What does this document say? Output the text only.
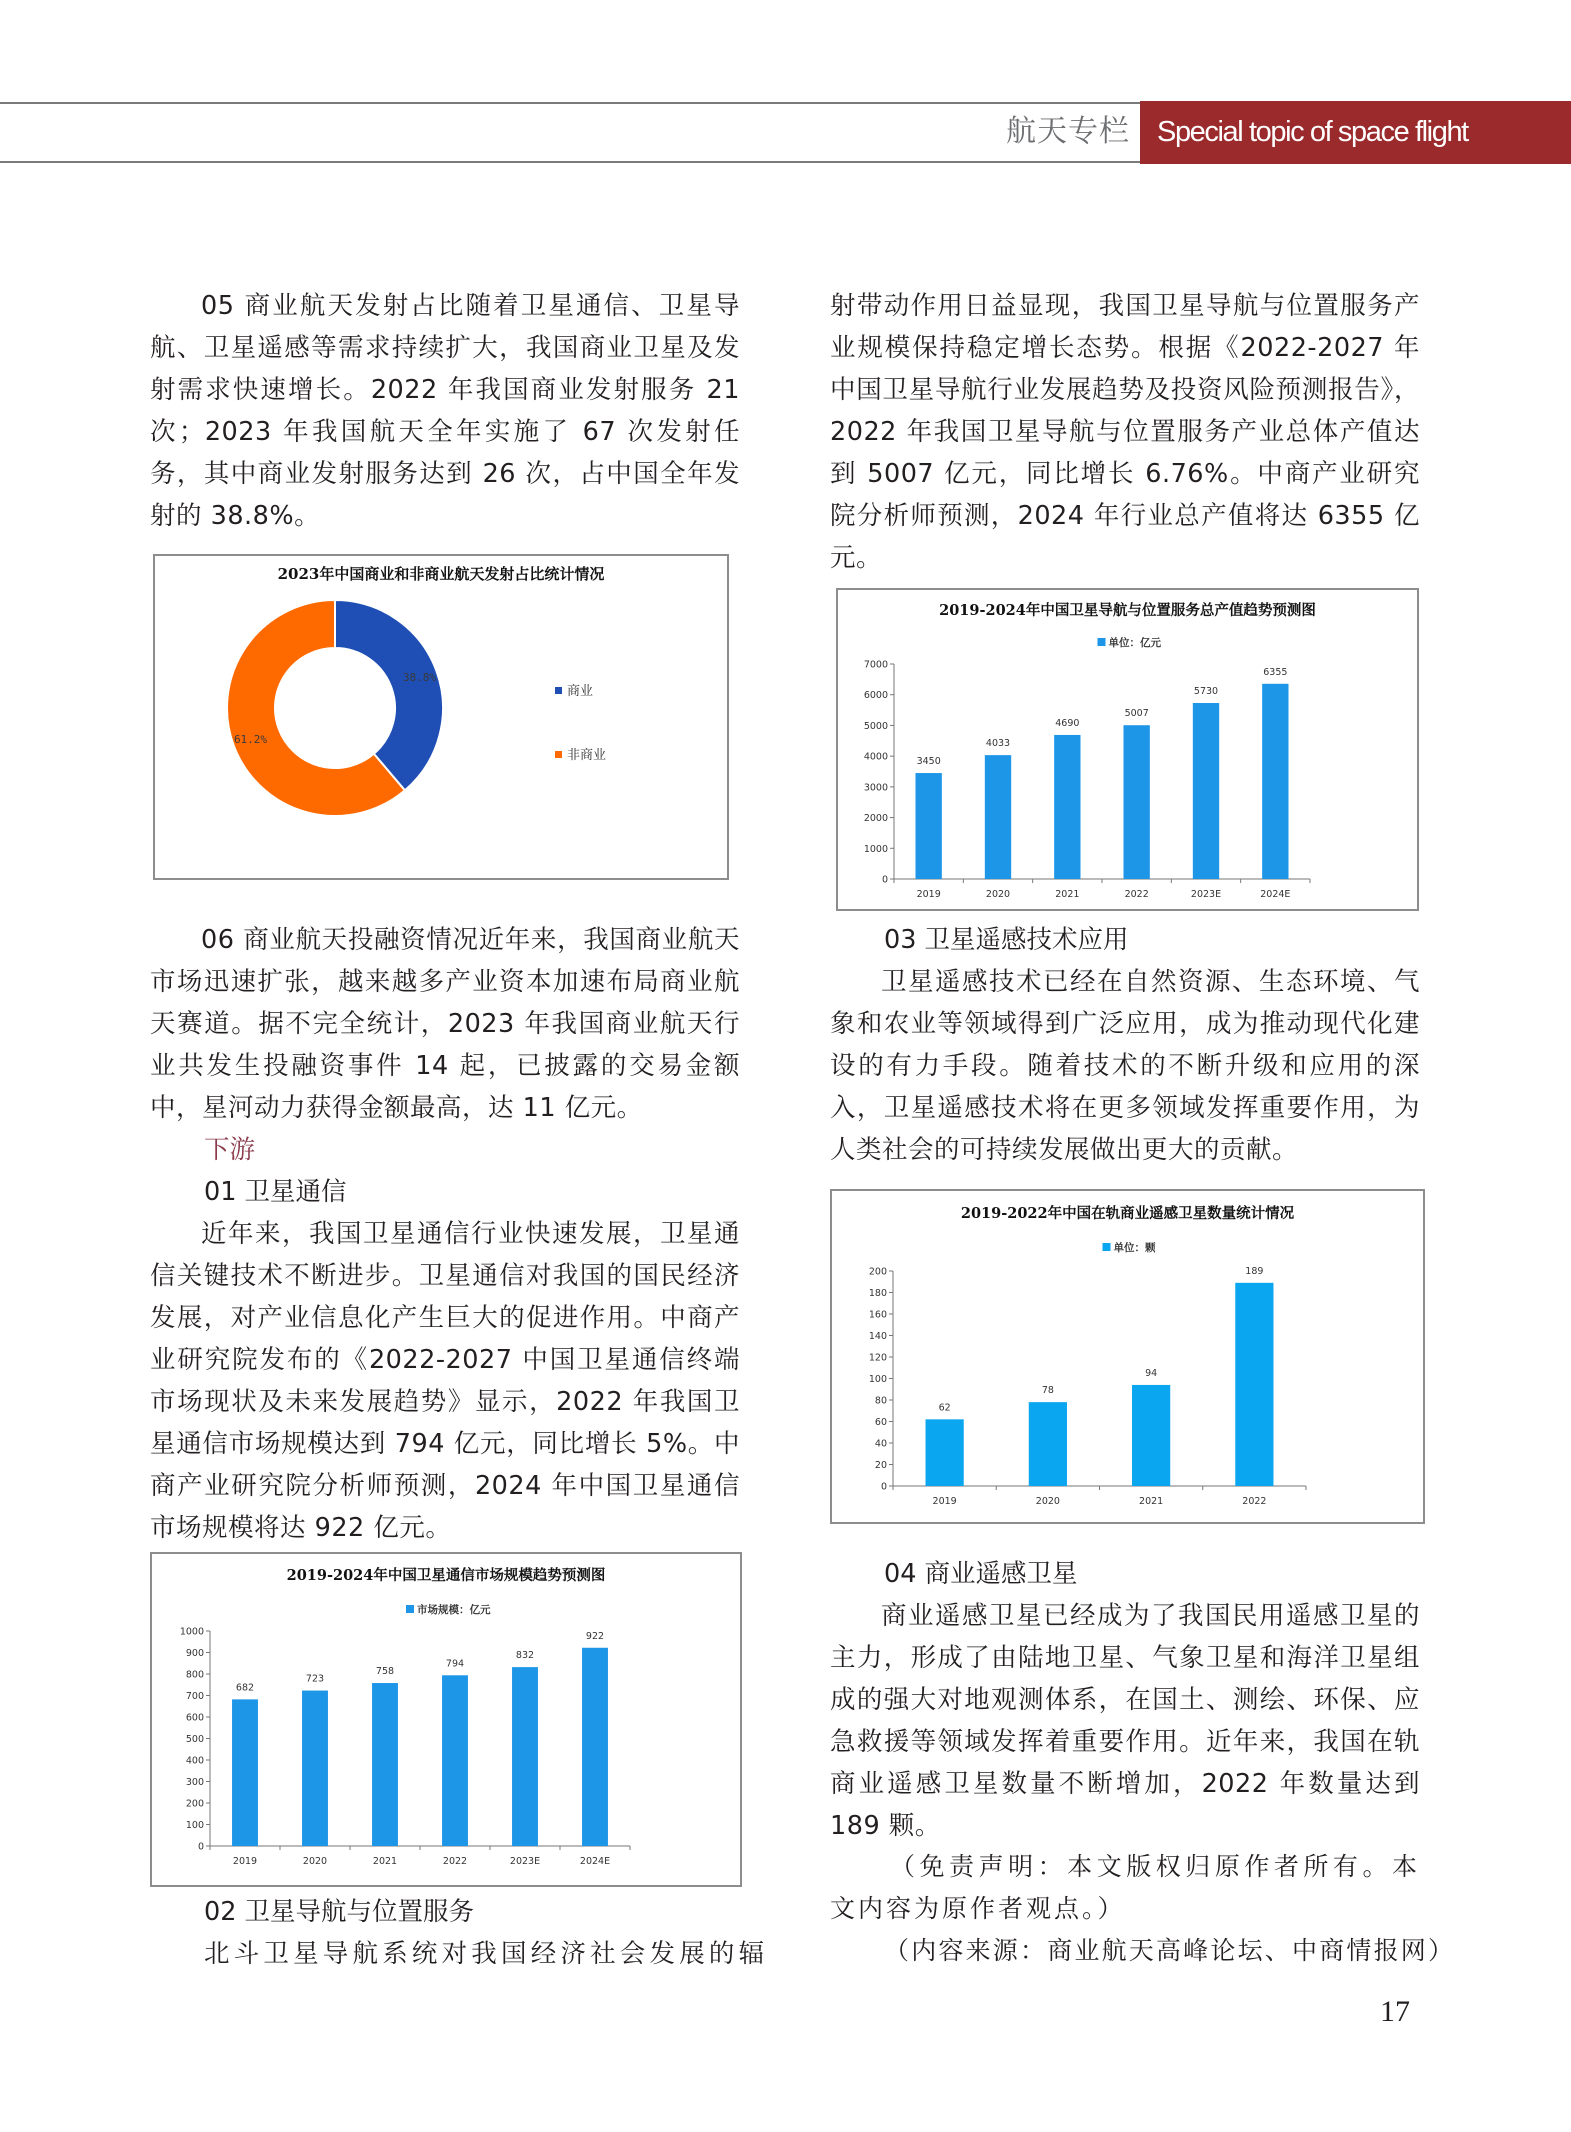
航天专栏 Special topic of space flight

05 商业航天发射占比随着卫星通信、卫星导航、卫星遥感等需求持续扩大，我国商业卫星及发射需求快速增长。2022 年我国商业发射服务 21 次；2023 年我国航天全年实施了 67 次发射任务，其中商业发射服务达到 26 次，占中国全年发射的 38.8%。

2023年中国商业和非商业航天发射占比统计情况
38.8%
61.2%
商业
非商业

06 商业航天投融资情况近年来，我国商业航天市场迅速扩张，越来越多产业资本加速布局商业航天赛道。据不完全统计，2023 年我国商业航天行业共发生投融资事件 14 起，已披露的交易金额中，星河动力获得金额最高，达 11 亿元。

下游

01 卫星通信

近年来，我国卫星通信行业快速发展，卫星通信关键技术不断进步。卫星通信对我国的国民经济发展，对产业信息化产生巨大的促进作用。中商产业研究院发布的《2022-2027 中国卫星通信终端市场现状及未来发展趋势》显示，2022 年我国卫星通信市场规模达到 794 亿元，同比增长 5%。中商产业研究院分析师预测，2024 年中国卫星通信市场规模将达 922 亿元。

2019-2024年中国卫星通信市场规模趋势预测图
市场规模：亿元
0
100
200
300
400
500
600
700
800
900
1000
682
2019
723
2020
758
2021
794
2022
832
2023E
922
2024E

02 卫星导航与位置服务

北斗卫星导航系统对我国经济社会发展的辐

射带动作用日益显现，我国卫星导航与位置服务产业规模保持稳定增长态势。根据《2022-2027 年中国卫星导航行业发展趋势及投资风险预测报告》，2022 年我国卫星导航与位置服务产业总体产值达到 5007 亿元，同比增长 6.76%。中商产业研究院分析师预测，2024 年行业总产值将达 6355 亿元。

2019-2024年中国卫星导航与位置服务总产值趋势预测图
单位：亿元
0
1000
2000
3000
4000
5000
6000
7000
3450
2019
4033
2020
4690
2021
5007
2022
5730
2023E
6355
2024E

03 卫星遥感技术应用

卫星遥感技术已经在自然资源、生态环境、气象和农业等领域得到广泛应用，成为推动现代化建设的有力手段。随着技术的不断升级和应用的深入，卫星遥感技术将在更多领域发挥重要作用，为人类社会的可持续发展做出更大的贡献。

2019-2022年中国在轨商业遥感卫星数量统计情况
单位：颗
0
20
40
60
80
100
120
140
160
180
200
62
2019
78
2020
94
2021
189
2022

04 商业遥感卫星

商业遥感卫星已经成为了我国民用遥感卫星的主力，形成了由陆地卫星、气象卫星和海洋卫星组成的强大对地观测体系，在国土、测绘、环保、应急救援等领域发挥着重要作用。近年来，我国在轨商业遥感卫星数量不断增加，2022 年数量达到 189 颗。

（免责声明：本文版权归原作者所有。本文内容为原作者观点。）

（内容来源：商业航天高峰论坛、中商情报网）

17
